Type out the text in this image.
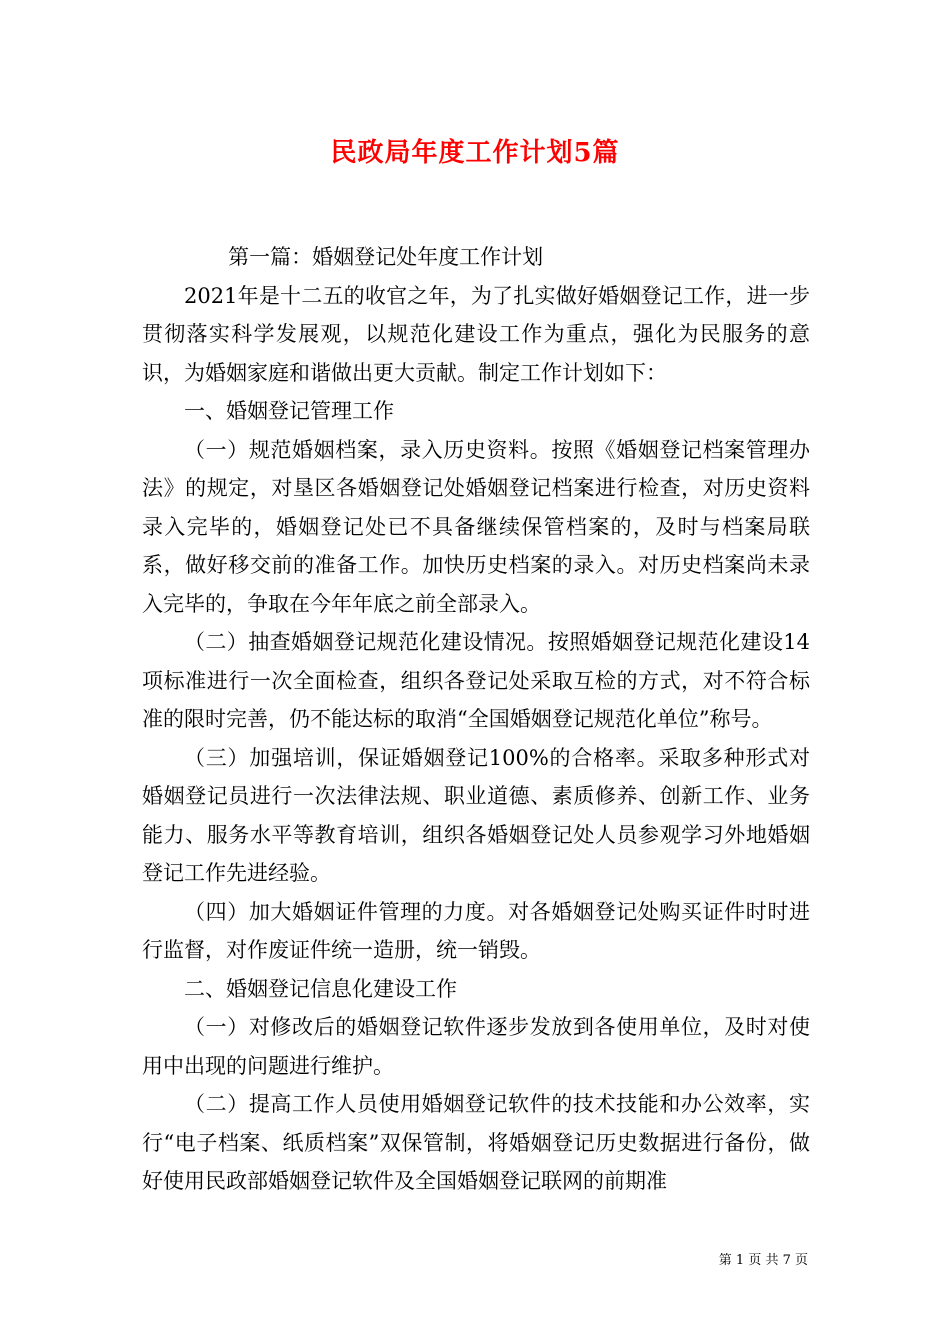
民政局年度工作计划5篇

第一篇：婚姻登记处年度工作计划

2021年是十二五的收官之年，为了扎实做好婚姻登记工作，进一步贯彻落实科学发展观，以规范化建设工作为重点，强化为民服务的意识，为婚姻家庭和谐做出更大贡献。制定工作计划如下：

一、婚姻登记管理工作

（一）规范婚姻档案，录入历史资料。按照《婚姻登记档案管理办法》的规定，对垦区各婚姻登记处婚姻登记档案进行检查，对历史资料录入完毕的，婚姻登记处已不具备继续保管档案的，及时与档案局联系，做好移交前的准备工作。加快历史档案的录入。对历史档案尚未录入完毕的，争取在今年年底之前全部录入。

（二）抽查婚姻登记规范化建设情况。按照婚姻登记规范化建设14项标准进行一次全面检查，组织各登记处采取互检的方式，对不符合标准的限时完善，仍不能达标的取消“全国婚姻登记规范化单位”称号。

（三）加强培训，保证婚姻登记100%的合格率。采取多种形式对婚姻登记员进行一次法律法规、职业道德、素质修养、创新工作、业务能力、服务水平等教育培训，组织各婚姻登记处人员参观学习外地婚姻登记工作先进经验。

（四）加大婚姻证件管理的力度。对各婚姻登记处购买证件时时进行监督，对作废证件统一造册，统一销毁。

二、婚姻登记信息化建设工作

（一）对修改后的婚姻登记软件逐步发放到各使用单位，及时对使用中出现的问题进行维护。

（二）提高工作人员使用婚姻登记软件的技术技能和办公效率，实行“电子档案、纸质档案”双保管制，将婚姻登记历史数据进行备份，做好使用民政部婚姻登记软件及全国婚姻登记联网的前期准

第 1 页 共 7 页
